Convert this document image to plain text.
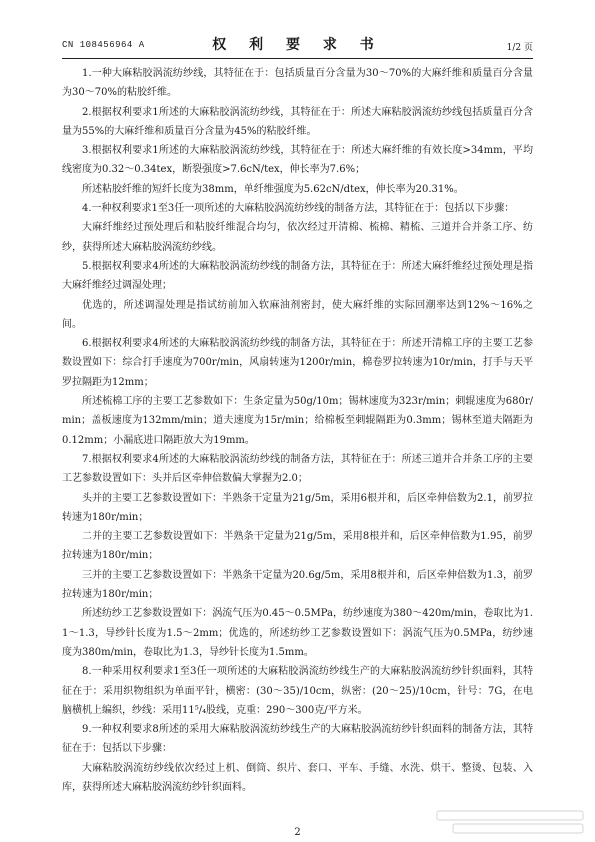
CN 108456964 A	权 利 要 求 书	1/2 页

1.一种大麻粘胶涡流纺纱线，其特征在于：包括质量百分含量为30～70%的大麻纤维和质量百分含量为30～70%的粘胶纤维。

2.根据权利要求1所述的大麻粘胶涡流纺纱线，其特征在于：所述大麻粘胶涡流纺纱线包括质量百分含量为55%的大麻纤维和质量百分含量为45%的粘胶纤维。

3.根据权利要求1所述的大麻粘胶涡流纺纱线，其特征在于：所述大麻纤维的有效长度>34mm，平均线密度为0.32～0.34tex，断裂强度>7.6cN/tex，伸长率为7.6%；

所述粘胶纤维的短纤长度为38mm，单纤维强度为5.62cN/dtex，伸长率为20.31%。

4.一种权利要求1至3任一项所述的大麻粘胶涡流纺纱线的制备方法，其特征在于：包括以下步骤：

大麻纤维经过预处理后和粘胶纤维混合均匀，依次经过开清棉、梳棉、精梳、三道并合并条工序、纺纱，获得所述大麻粘胶涡流纺纱线。

5.根据权利要求4所述的大麻粘胶涡流纺纱线的制备方法，其特征在于：所述大麻纤维经过预处理是指大麻纤维经过调湿处理；

优选的，所述调湿处理是指试纺前加入软麻油剂密封，使大麻纤维的实际回潮率达到12%～16%之间。

6.根据权利要求4所述的大麻粘胶涡流纺纱线的制备方法，其特征在于：所述开清棉工序的主要工艺参数设置如下：综合打手速度为700r/min，风扇转速为1200r/min，棉卷罗拉转速为10r/min，打手与天平罗拉隔距为12mm；

所述梳棉工序的主要工艺参数如下：生条定量为50g/10m；锡林速度为323r/min；刺辊速度为680r/min；盖板速度为132mm/min；道夫速度为15r/min；给棉板至刺辊隔距为0.3mm；锡林至道夫隔距为0.12mm；小漏底进口隔距放大为19mm。

7.根据权利要求4所述的大麻粘胶涡流纺纱线的制备方法，其特征在于：所述三道并合并条工序的主要工艺参数设置如下：头并后区牵伸倍数偏大掌握为2.0；

头并的主要工艺参数设置如下：半熟条干定量为21g/5m，采用6根并和，后区牵伸倍数为2.1，前罗拉转速为180r/min；

二并的主要工艺参数设置如下：半熟条干定量为21g/5m，采用8根并和，后区牵伸倍数为1.95，前罗拉转速为180r/min；

三并的主要工艺参数设置如下：半熟条干定量为20.6g/5m，采用8根并和，后区牵伸倍数为1.3，前罗拉转速为180r/min；

所述纺纱工艺参数设置如下：涡流气压为0.45～0.5MPa，纺纱速度为380～420m/min，卷取比为1.1～1.3，导纱针长度为1.5～2mm；优选的，所述纺纱工艺参数设置如下：涡流气压为0.5MPa，纺纱速度为380m/min，卷取比为1.3，导纱针长度为1.5mm。

8.一种采用权利要求1至3任一项所述的大麻粘胶涡流纺纱线生产的大麻粘胶涡流纺纱针织面料，其特征在于：采用织物组织为单面平针，横密：(30～35)/10cm，纵密：(20～25)/10cm，针号：7G，在电脑横机上编织，纱线：采用11⁵/₄股线，克重：290～300克/平方米。

9.一种权利要求8所述的采用大麻粘胶涡流纺纱线生产的大麻粘胶涡流纺纱针织面料的制备方法，其特征在于：包括以下步骤：

大麻粘胶涡流纺纱线依次经过上机、倒筒、织片、套口、平车、手缝、水洗、烘干、整烫、包装、入库，获得所述大麻粘胶涡流纺纱针织面料。

2
